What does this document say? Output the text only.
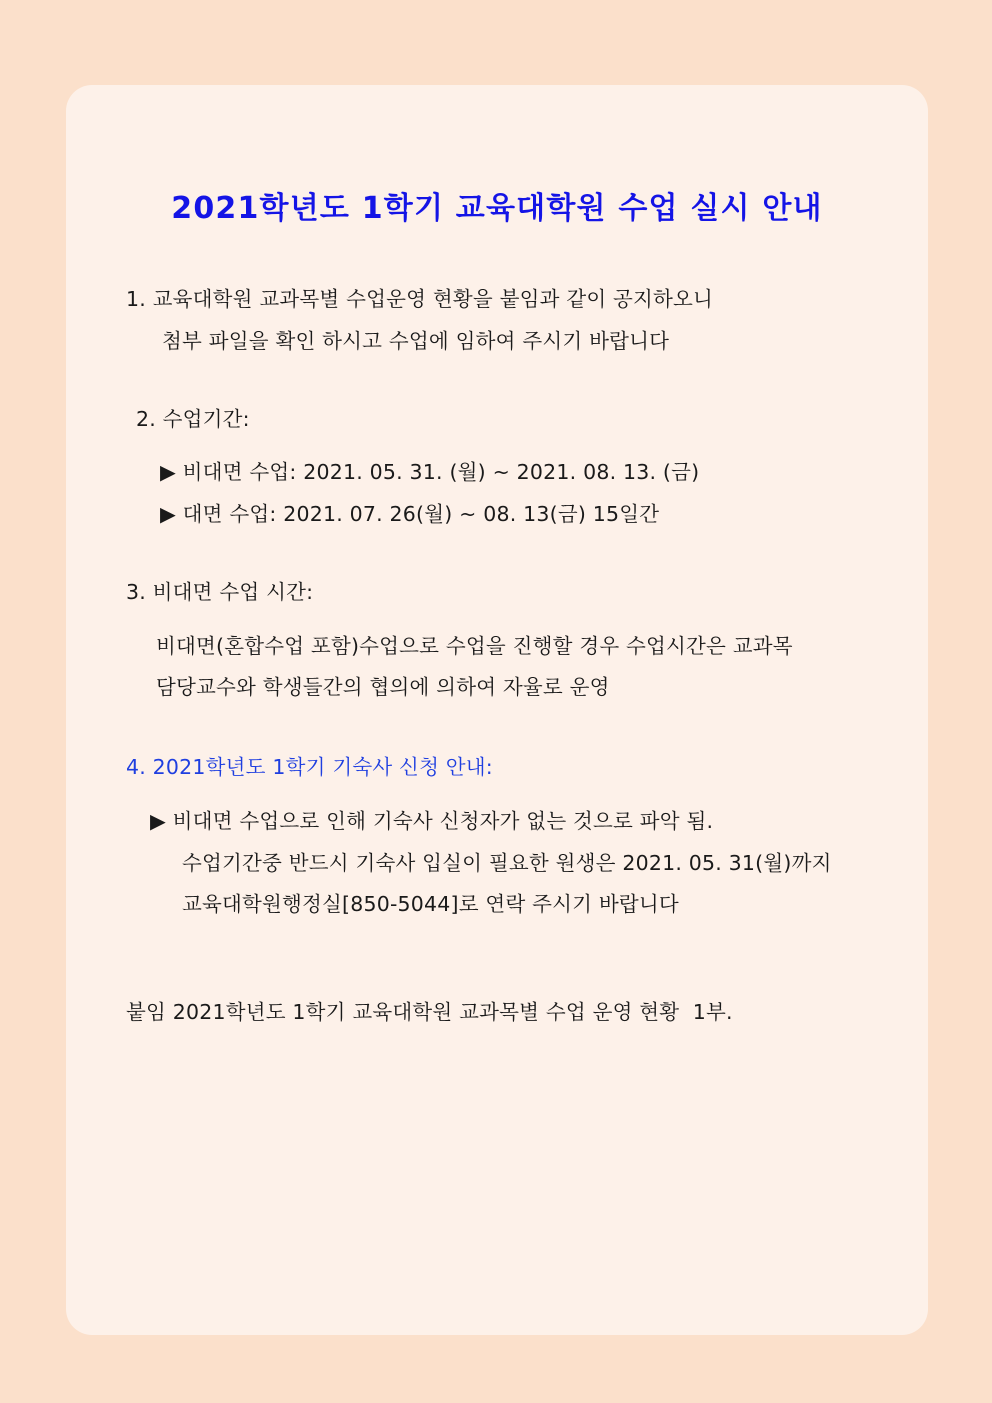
2021학년도 1학기 교육대학원 수업 실시 안내
1. 교육대학원 교과목별 수업운영 현황을 붙임과 같이 공지하오니
첨부 파일을 확인 하시고 수업에 임하여 주시기 바랍니다
2. 수업기간:
▶ 비대면 수업: 2021. 05. 31. (월) ~ 2021. 08. 13. (금)
▶ 대면 수업: 2021. 07. 26(월) ~ 08. 13(금) 15일간
3. 비대면 수업 시간:
비대면(혼합수업 포함)수업으로 수업을 진행할 경우 수업시간은 교과목
담당교수와 학생들간의 협의에 의하여 자율로 운영
4. 2021학년도 1학기 기숙사 신청 안내:
▶ 비대면 수업으로 인해 기숙사 신청자가 없는 것으로 파악 됨.
수업기간중 반드시 기숙사 입실이 필요한 원생은 2021. 05. 31(월)까지
교육대학원행정실[850-5044]로 연락 주시기 바랍니다
붙임 2021학년도 1학기 교육대학원 교과목별 수업 운영 현황  1부.
